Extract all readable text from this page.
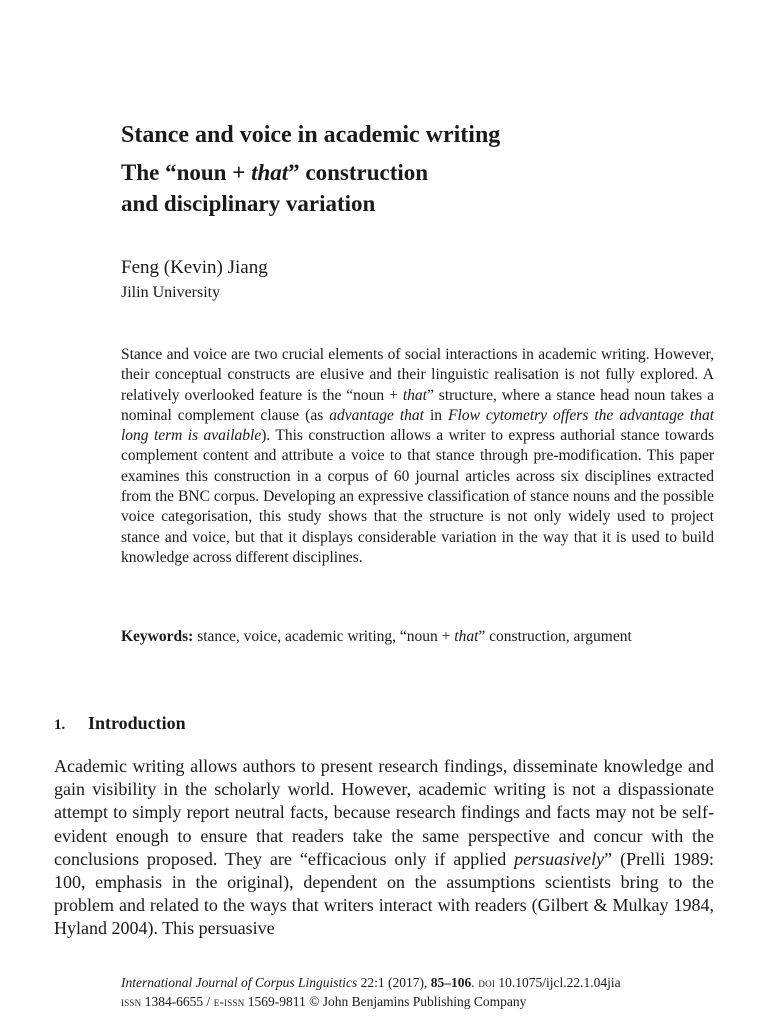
Stance and voice in academic writing
The “noun + that” construction
and disciplinary variation
Feng (Kevin) Jiang
Jilin University

Stance and voice are two crucial elements of social interactions in academic writing. However, their conceptual constructs are elusive and their linguistic realisation is not fully explored. A relatively overlooked feature is the “noun + that” structure, where a stance head noun takes a nominal complement clause (as advantage that in Flow cytometry offers the advantage that long term is available). This construction allows a writer to express authorial stance towards complement content and attribute a voice to that stance through pre-modification. This paper examines this construction in a corpus of 60 journal articles across six disciplines extracted from the BNC corpus. Developing an expressive classification of stance nouns and the possible voice categorisation, this study shows that the structure is not only widely used to project stance and voice, but that it displays considerable variation in the way that it is used to build knowledge across different disciplines.

Keywords: stance, voice, academic writing, “noun + that” construction, argument

1. Introduction

Academic writing allows authors to present research findings, disseminate knowledge and gain visibility in the scholarly world. However, academic writing is not a dispassionate attempt to simply report neutral facts, because research findings and facts may not be self-evident enough to ensure that readers take the same perspective and concur with the conclusions proposed. They are “efficacious only if applied persuasively” (Prelli 1989: 100, emphasis in the original), dependent on the assumptions scientists bring to the problem and related to the ways that writers interact with readers (Gilbert & Mulkay 1984, Hyland 2004). This persuasive

International Journal of Corpus Linguistics 22:1 (2017), 85–106. doi 10.1075/ijcl.22.1.04jia
issn 1384-6655 / e-issn 1569-9811 © John Benjamins Publishing Company
